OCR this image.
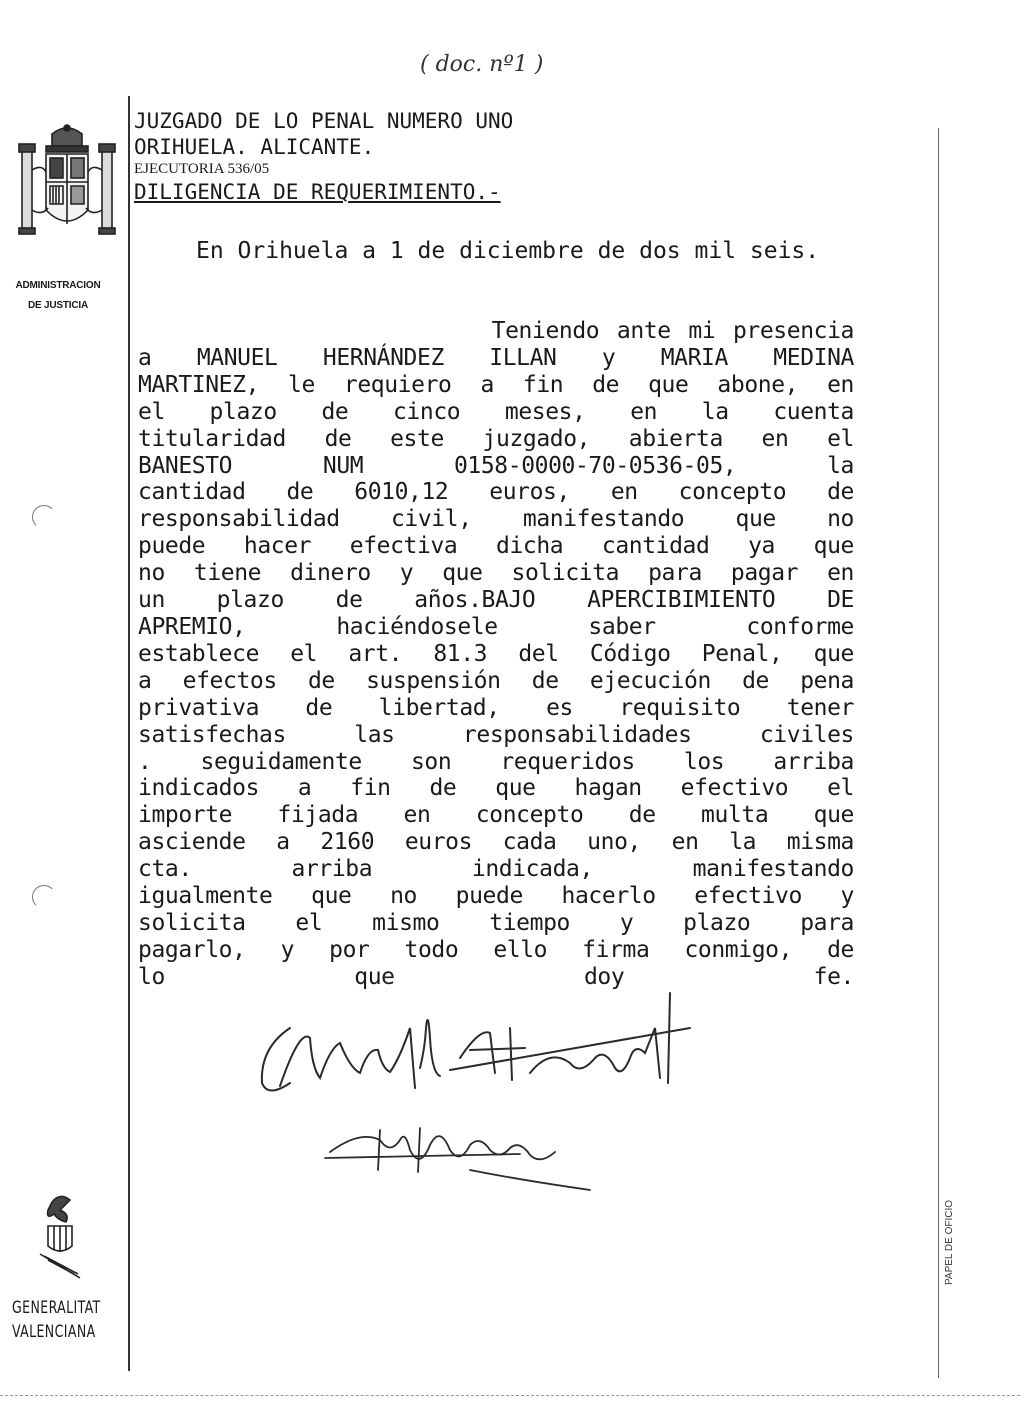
( doc. nº1 )
ADMINISTRACION
DE JUSTICIA
JUZGADO DE LO PENAL NUMERO UNO
ORIHUELA. ALICANTE.
EJECUTORIA 536/05
DILIGENCIA DE REQUERIMIENTO.-
En Orihuela a 1 de diciembre de dos mil seis.
Teniendo ante mi presencia
a MANUEL HERNÁNDEZ ILLAN y MARIA MEDINA
MARTINEZ, le requiero a fin de que abone, en
el plazo de cinco meses, en la cuenta
titularidad de este juzgado, abierta en el
BANESTO NUM 0158-0000-70-0536-05, la
cantidad de 6010,12 euros, en concepto de
responsabilidad civil, manifestando que no
puede hacer efectiva dicha cantidad ya que
no tiene dinero y que solicita para pagar en
un plazo de años.BAJO APERCIBIMIENTO DE
APREMIO, haciéndosele saber conforme
establece el art. 81.3 del Código Penal, que
a efectos de suspensión de ejecución de pena
privativa de libertad, es requisito tener
satisfechas las responsabilidades civiles
. seguidamente son requeridos los arriba
indicados a fin de que hagan efectivo el
importe fijada en concepto de multa que
asciende a 2160 euros cada uno, en la misma
cta. arriba indicada, manifestando
igualmente que no puede hacerlo efectivo y
solicita el mismo tiempo y plazo para
pagarlo, y por todo ello firma conmigo, de
lo que doy fe.
GENERALITAT
VALENCIANA
PAPEL DE OFICIO
